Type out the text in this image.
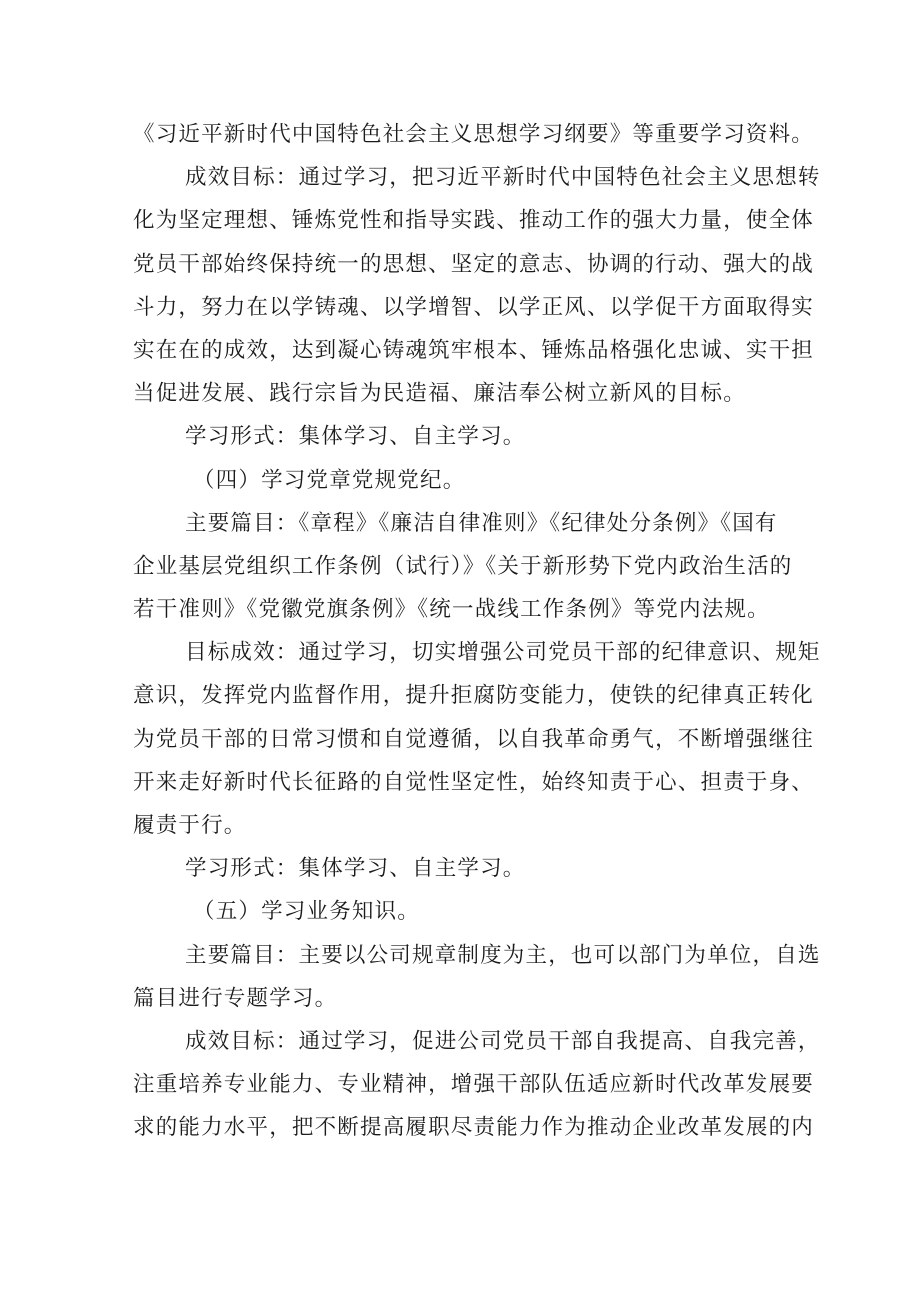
《习近平新时代中国特色社会主义思想学习纲要》等重要学习资料。
成效目标：通过学习，把习近平新时代中国特色社会主义思想转
化为坚定理想、锤炼党性和指导实践、推动工作的强大力量，使全体
党员干部始终保持统一的思想、坚定的意志、协调的行动、强大的战
斗力，努力在以学铸魂、以学增智、以学正风、以学促干方面取得实
实在在的成效，达到凝心铸魂筑牢根本、锤炼品格强化忠诚、实干担
当促进发展、践行宗旨为民造福、廉洁奉公树立新风的目标。
学习形式：集体学习、自主学习。
（四）学习党章党规党纪。
主要篇目：《章程》《廉洁自律准则》《纪律处分条例》《国有
企业基层党组织工作条例（试行）》《关于新形势下党内政治生活的
若干准则》《党徽党旗条例》《统一战线工作条例》等党内法规。
目标成效：通过学习，切实增强公司党员干部的纪律意识、规矩
意识，发挥党内监督作用，提升拒腐防变能力，使铁的纪律真正转化
为党员干部的日常习惯和自觉遵循，以自我革命勇气，不断增强继往
开来走好新时代长征路的自觉性坚定性，始终知责于心、担责于身、
履责于行。
学习形式：集体学习、自主学习。
（五）学习业务知识。
主要篇目：主要以公司规章制度为主，也可以部门为单位，自选
篇目进行专题学习。
成效目标：通过学习，促进公司党员干部自我提高、自我完善，
注重培养专业能力、专业精神，增强干部队伍适应新时代改革发展要
求的能力水平，把不断提高履职尽责能力作为推动企业改革发展的内
